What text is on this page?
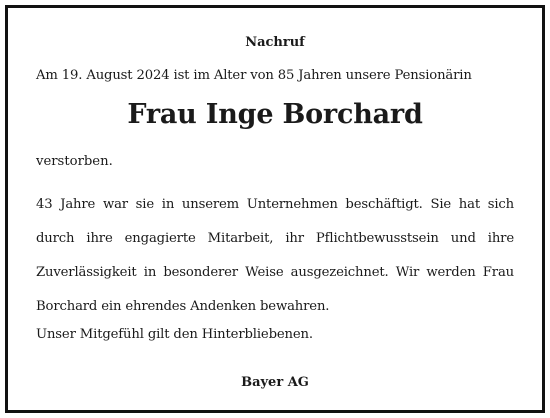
Nachruf
Am 19. August 2024 ist im Alter von 85 Jahren unsere Pensionärin
Frau Inge Borchard
verstorben.
43 Jahre war sie in unserem Unternehmen beschäftigt. Sie hat sich durch ihre engagierte Mitarbeit, ihr Pflichtbewusstsein und ihre Zuverlässigkeit in besonderer Weise ausgezeichnet. Wir werden Frau Borchard ein ehrendes Andenken bewahren.
Unser Mitgefühl gilt den Hinterbliebenen.
Bayer AG
